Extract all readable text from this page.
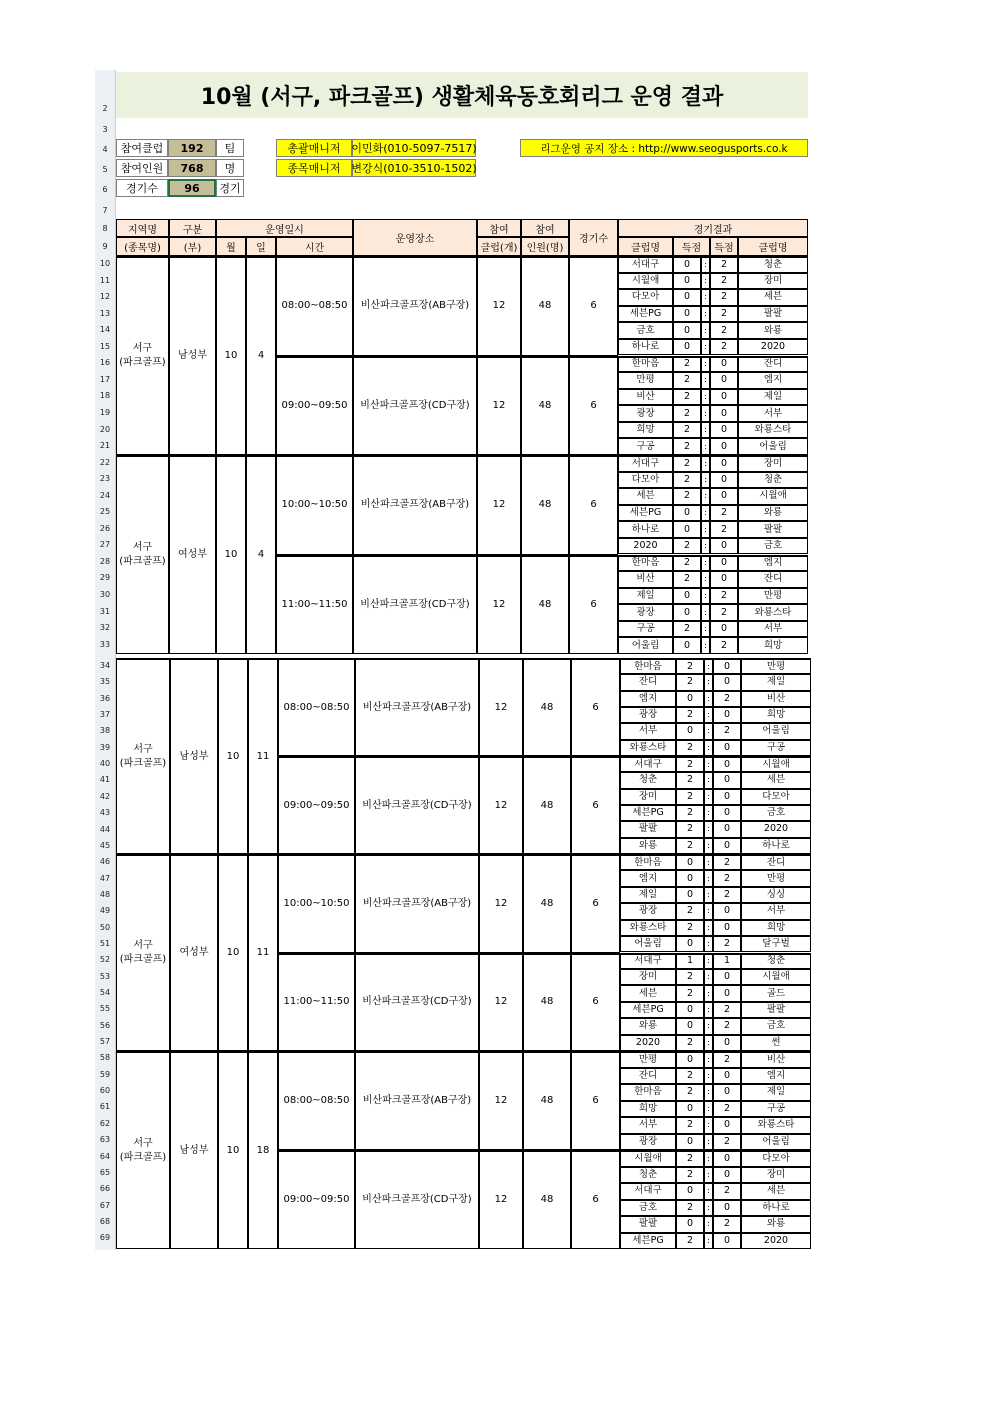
2
3
4
5
6
7
8
9
10
11
12
13
14
15
16
17
18
19
20
21
22
23
24
25
26
27
28
29
30
31
32
33
34
35
36
37
38
39
40
41
42
43
44
45
46
47
48
49
50
51
52
53
54
55
56
57
58
59
60
61
62
63
64
65
66
67
68
69
10월 (서구, 파크골프) 생활체육동호회리그 운영 결과
참여클럽	192	팀
참여인원	768	명
경기수	96	경기
총괄매니저 이민화(010-5097-7517)
종목매니저 변강식(010-3510-1502)
리그운영 공지 장소 : http://www.seogusports.co.k
지역명
(종목명)
구분
(부)
운영일시
월	일	시간
운영장소
참여
클럽(개)
참여
인원(명)
경기수
경기결과
클럽명	득점	득점	클럽명
서구
(파크골프)
남성부	10	4
08:00~08:50	비산파크골프장(AB구장)	12	48	6
서대구	0	:	2	청춘
시월애	0	:	2	장미
다모아	0	:	2	세븐
세븐PG	0	:	2	팔팔
금호	0	:	2	와룡
하나로	0	:	2	2020
09:00~09:50	비산파크골프장(CD구장)	12	48	6
한마음	2	:	0	잔디
만평	2	:	0	엠지
비산	2	:	0	제일
광장	2	:	0	서부
희망	2	:	0	와룡스타
구공	2	:	0	어울림
서구
(파크골프)
여성부	10	4
10:00~10:50	비산파크골프장(AB구장)	12	48	6
서대구	2	:	0	장미
다모아	2	:	0	청춘
세븐	2	:	0	시월애
세븐PG	0	:	2	와룡
하나로	0	:	2	팔팔
2020	2	:	0	금호
11:00~11:50	비산파크골프장(CD구장)	12	48	6
한마음	2	:	0	엠지
비산	2	:	0	잔디
제일	0	:	2	만평
광장	0	:	2	와룡스타
구공	2	:	0	서부
어울림	0	:	2	희망
서구
(파크골프)
남성부	10	11
08:00~08:50	비산파크골프장(AB구장)	12	48	6
한마음	2	:	0	만평
잔디	2	:	0	제일
엠지	0	:	2	비산
광장	2	:	0	희망
서부	0	:	2	어울림
와룡스타	2	:	0	구공
09:00~09:50	비산파크골프장(CD구장)	12	48	6
서대구	2	:	0	시월애
청춘	2	:	0	세븐
장미	2	:	0	다모아
세븐PG	2	:	0	금호
팔팔	2	:	0	2020
와룡	2	:	0	하나로
서구
(파크골프)
여성부	10	11
10:00~10:50	비산파크골프장(AB구장)	12	48	6
한마음	0	:	2	잔디
엠지	0	:	2	만평
제일	0	:	2	싱싱
광장	2	:	0	서부
와룡스타	2	:	0	희망
어울림	0	:	2	달구벌
11:00~11:50	비산파크골프장(CD구장)	12	48	6
서대구	1	:	1	청춘
장미	2	:	0	시월애
세븐	2	:	0	골드
세븐PG	0	:	2	팔팔
와룡	0	:	2	금호
2020	2	:	0	썬
서구
(파크골프)
남성부	10	18
08:00~08:50	비산파크골프장(AB구장)	12	48	6
만평	0	:	2	비산
잔디	2	:	0	엠지
한마음	2	:	0	제일
희망	0	:	2	구공
서부	2	:	0	와룡스타
광장	0	:	2	어울림
09:00~09:50	비산파크골프장(CD구장)	12	48	6
시월애	2	:	0	다모아
청춘	2	:	0	장미
서대구	0	:	2	세븐
금호	2	:	0	하나로
팔팔	0	:	2	와룡
세븐PG	2	:	0	2020
